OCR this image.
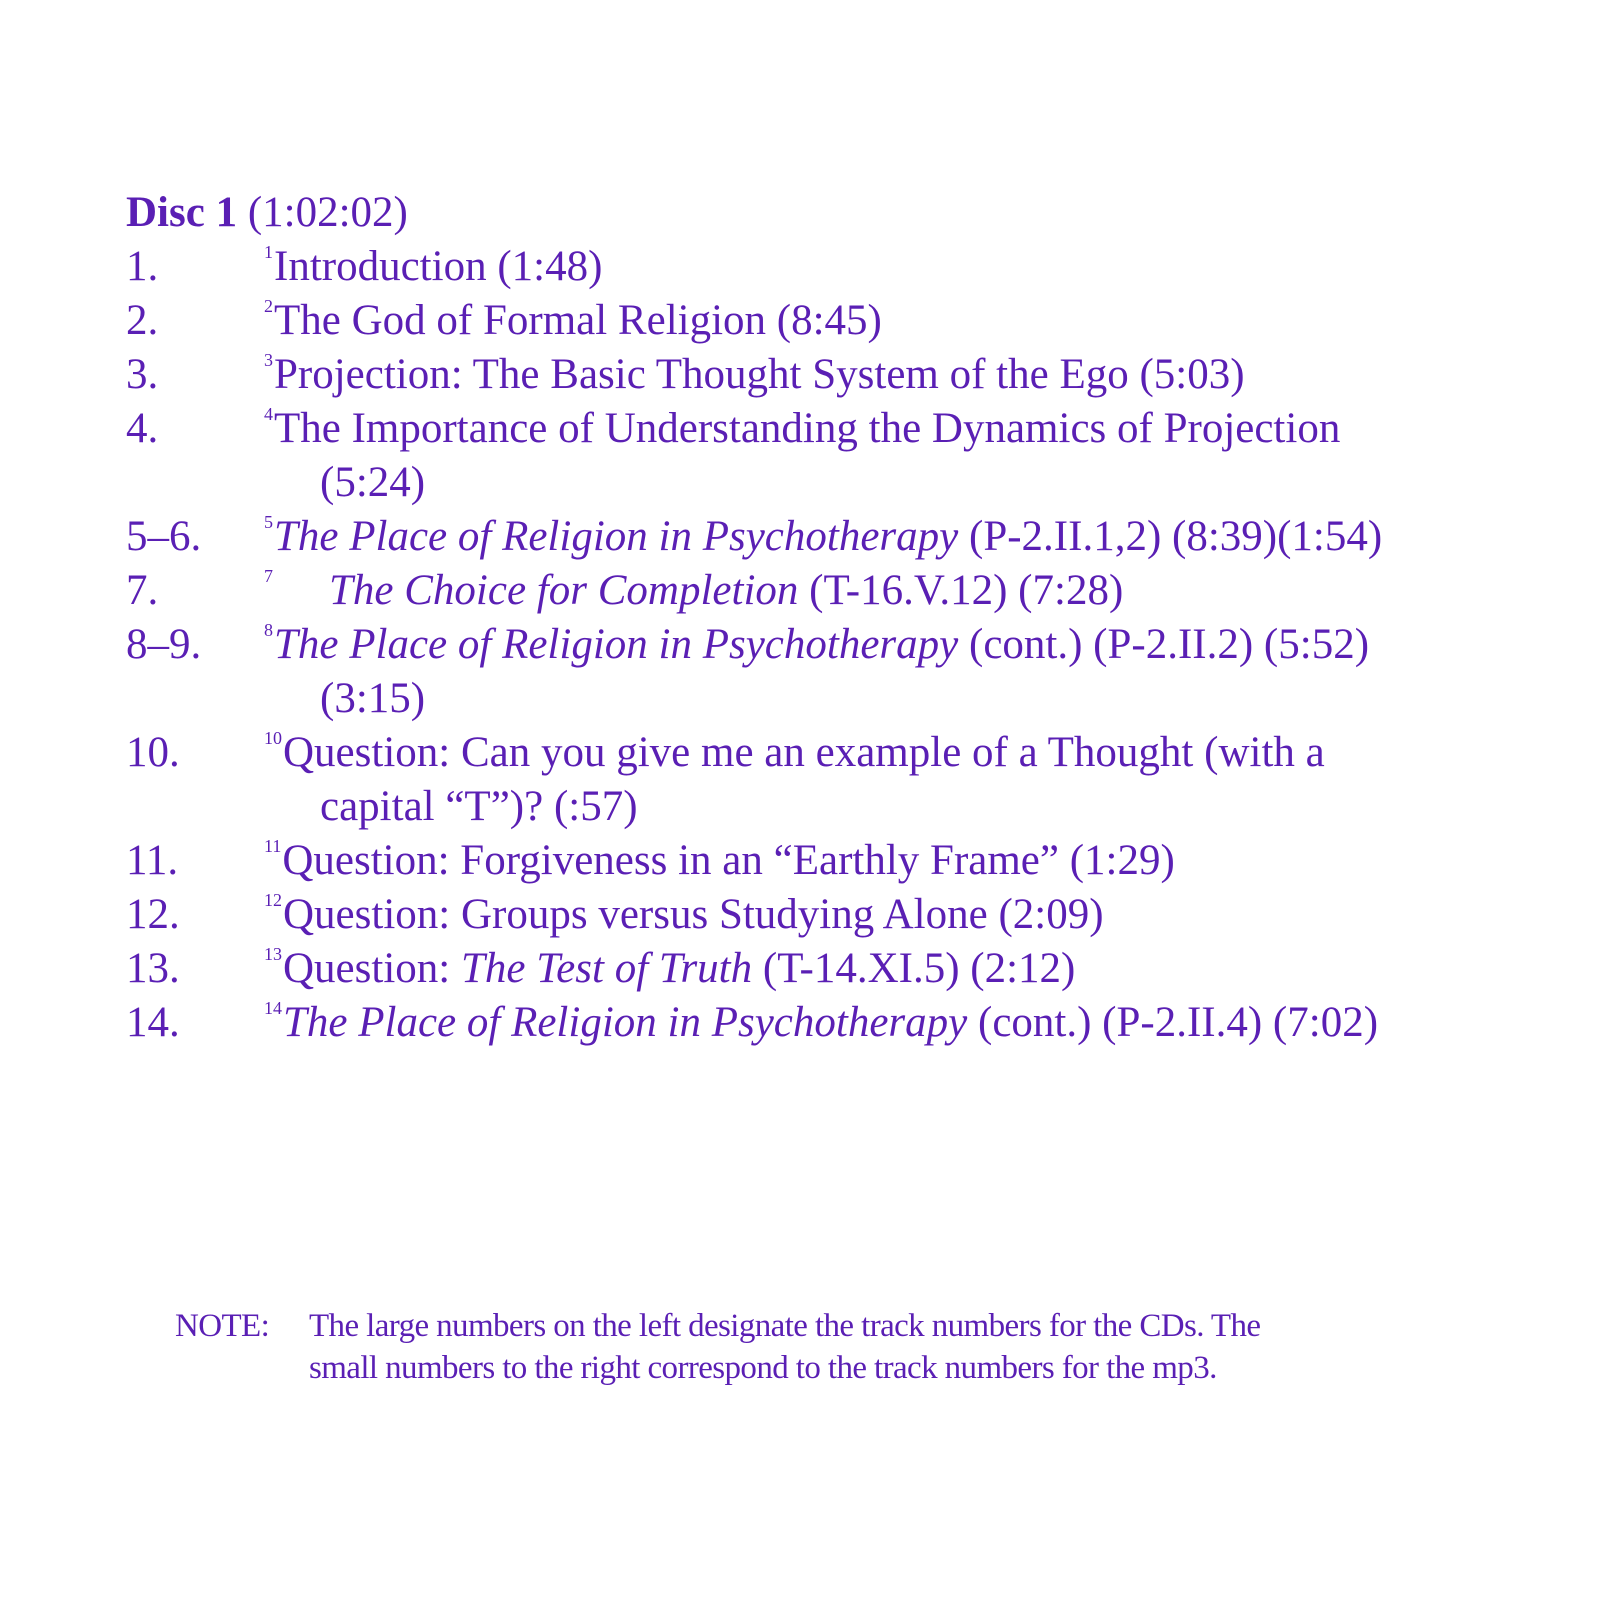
Disc 1 (1:02:02)
1.	$^1$Introduction (1:48)
2.	$^2$The God of Formal Religion (8:45)
3.	$^3$Projection: The Basic Thought System of the Ego (5:03)
4.	$^4$The Importance of Understanding the Dynamics of Projection
(5:24)
5–6.	$^5$The Place of Religion in Psychotherapy (P-2.II.1,2) (8:39)(1:54)
7.	$^7$ The Choice for Completion (T-16.V.12) (7:28)
8–9.	$^8$The Place of Religion in Psychotherapy (cont.) (P-2.II.2) (5:52)
(3:15)
10.	$^{10}$Question: Can you give me an example of a Thought (with a
capital “T”)? (:57)
11.	$^{11}$Question: Forgiveness in an “Earthly Frame” (1:29)
12.	$^{12}$Question: Groups versus Studying Alone (2:09)
13.	$^{13}$Question: The Test of Truth (T-14.XI.5) (2:12)
14.	$^{14}$The Place of Religion in Psychotherapy (cont.) (P-2.II.4) (7:02)
NOTE: The large numbers on the left designate the track numbers for the CDs. The
small numbers to the right correspond to the track numbers for the mp3.
